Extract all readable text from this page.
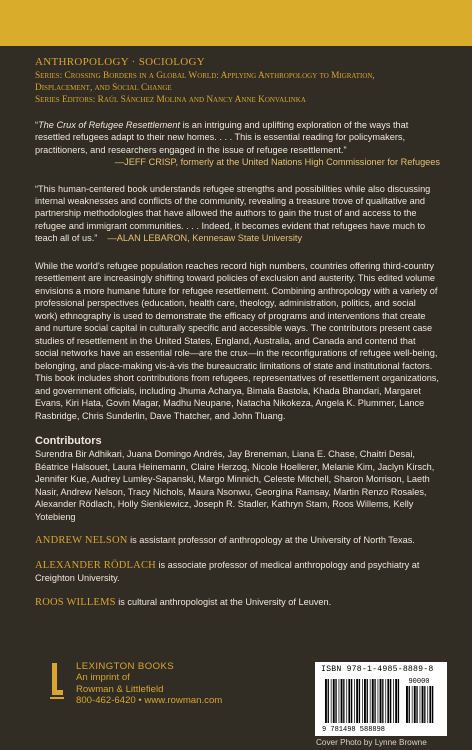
ANTHROPOLOGY · SOCIOLOGY

Series: Crossing Borders in a Global World: Applying Anthropology to Migration,

Displacement, and Social Change

Series Editors: Raúl Sánchez Molina and Nancy Anne Konvalinka

“The Crux of Refugee Resettlement is an intriguing and uplifting exploration of the ways that resettled refugees adapt to their new homes. . . . This is essential reading for policymakers, practitioners, and researchers engaged in the issue of refugee resettlement.”
—JEFF CRISP, formerly at the United Nations High Commissioner for Refugees

“This human-centered book understands refugee strengths and possibilities while also discussing internal weaknesses and conflicts of the community, revealing a treasure trove of qualitative and partnership methodologies that have allowed the authors to gain the trust of and access to the refugee and immigrant communities. . . . Indeed, it becomes evident that refugees have much to teach all of us.” —ALAN LEBARON, Kennesaw State University

While the world’s refugee population reaches record high numbers, countries offering third-country resettlement are increasingly shifting toward policies of exclusion and austerity. This edited volume envisions a more humane future for refugee resettlement. Combining anthropology with a variety of professional perspectives (education, health care, theology, administration, politics, and social work) ethnography is used to demonstrate the efficacy of programs and interventions that create and nurture social capital in culturally specific and accessible ways. The contributors present case studies of resettlement in the United States, England, Australia, and Canada and contend that social networks have an essential role—are the crux—in the reconfigurations of refugee well-being, belonging, and place-making vis-à-vis the bureaucratic limitations of state and institutional factors. This book includes short contributions from refugees, representatives of resettlement organizations, and government officials, including Jhuma Acharya, Bimala Bastola, Khada Bhandari, Margaret Evans, Kiri Hata, Govin Magar, Madhu Neupane, Natacha Nikokeza, Angela K. Plummer, Lance Rasbridge, Chris Sunderlin, Dave Thatcher, and John Tluang.

Contributors

Surendra Bir Adhikari, Juana Domingo Andrés, Jay Breneman, Liana E. Chase, Chaitri Desai, Béatrice Halsouet, Laura Heinemann, Claire Herzog, Nicole Hoellerer, Melanie Kim, Jaclyn Kirsch, Jennifer Kue, Audrey Lumley-Sapanski, Margo Minnich, Celeste Mitchell, Sharon Morrison, Laeth Nasir, Andrew Nelson, Tracy Nichols, Maura Nsonwu, Georgina Ramsay, Martin Renzo Rosales, Alexander Rödlach, Holly Sienkiewicz, Joseph R. Stadler, Kathryn Stam, Roos Willems, Kelly Yotebieng

ANDREW NELSON is assistant professor of anthropology at the University of North Texas.

ALEXANDER RÖDLACH is associate professor of medical anthropology and psychiatry at Creighton University.

ROOS WILLEMS is cultural anthropologist at the University of Leuven.

LEXINGTON BOOKS
An imprint of
Rowman & Littlefield
800-462-6420 • www.rowman.com
ISBN 978-1-4985-8889-8
90000
9 781498 588898
Cover Photo by Lynne Browne
